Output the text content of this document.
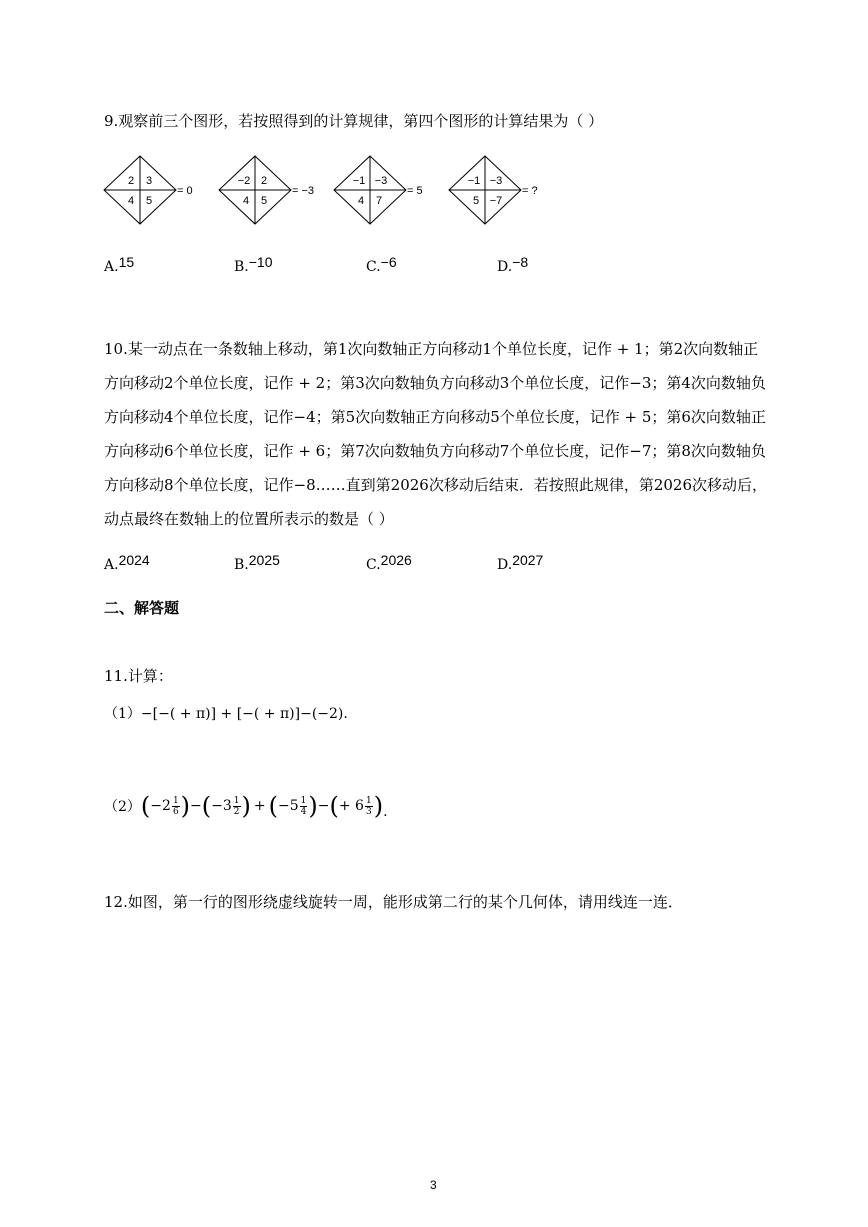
9.观察前三个图形，若按照得到的计算规律，第四个图形的计算结果为（ ）
2 3
4 5
= 0
−2 2
4 5
= −3
−1 −3
4 7
= 5
−1 −3
5 −7
= ?
A.15	B.−10	C.−6	D.−8
10.某一动点在一条数轴上移动，第1次向数轴正方向移动1个单位长度，记作 + 1；第2次向数轴正
方向移动2个单位长度，记作 + 2；第3次向数轴负方向移动3个单位长度，记作−3；第4次向数轴负
方向移动4个单位长度，记作−4；第5次向数轴正方向移动5个单位长度，记作 + 5；第6次向数轴正
方向移动6个单位长度，记作 + 6；第7次向数轴负方向移动7个单位长度，记作−7；第8次向数轴负
方向移动8个单位长度，记作−8……直到第2026次移动后结束．若按照此规律，第2026次移动后，
动点最终在数轴上的位置所表示的数是（ ）
A.2024	B.2025	C.2026	D.2027
二、解答题
11.计算：
（1）−[−( + π)] + [−( + π)]−(−2).
$(2)(-2 \frac{1}{6} )-(-3 \frac{1}{2}$ ) + ($-5 \frac{1}{4}$ )−(+ $6 \frac{1}{3}$ ).
12.如图，第一行的图形绕虚线旋转一周，能形成第二行的某个几何体，请用线连一连．
3
